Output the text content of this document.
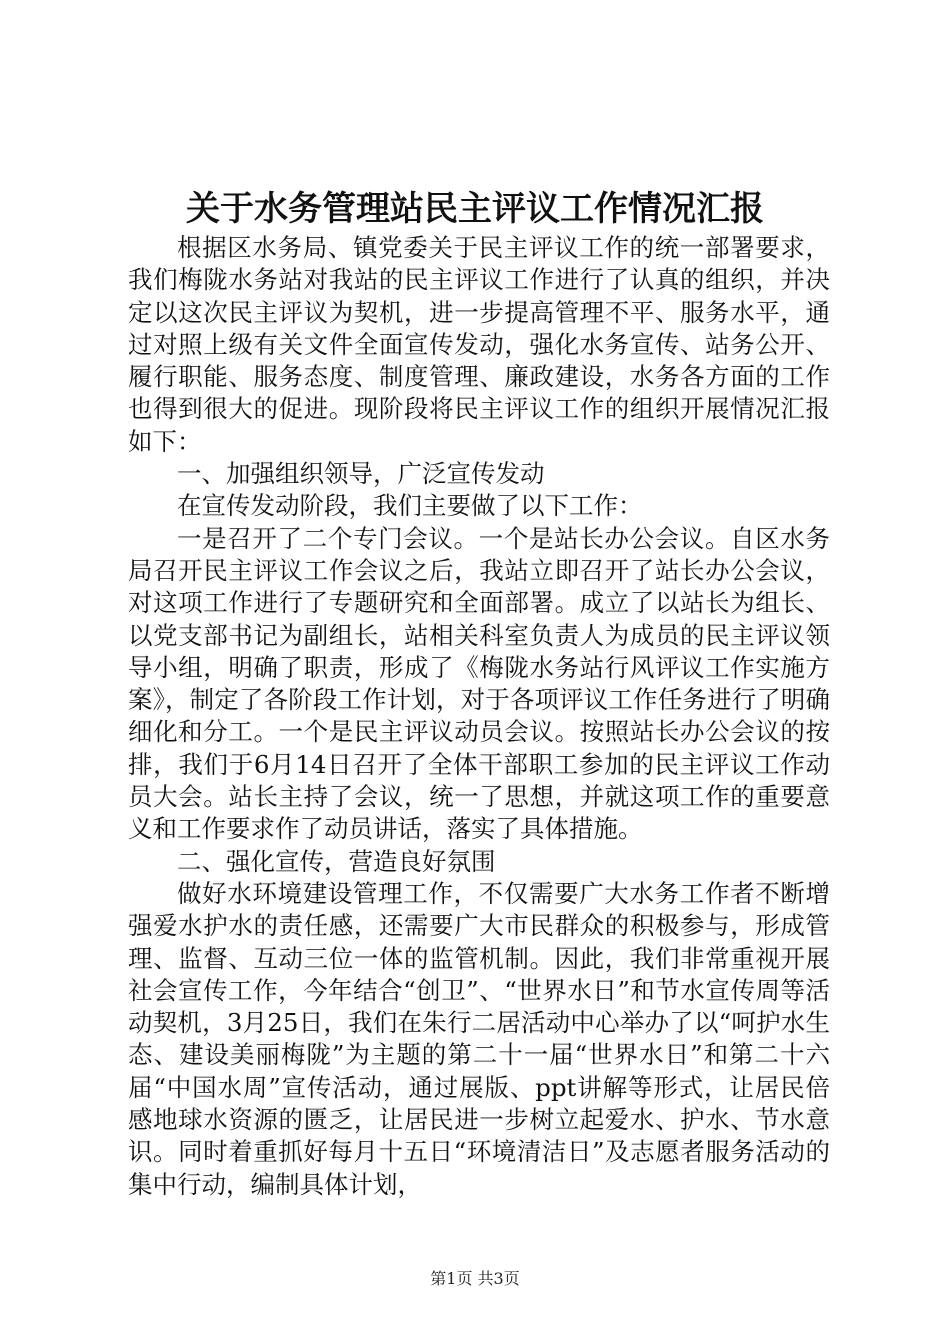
关于水务管理站民主评议工作情况汇报

根据区水务局、镇党委关于民主评议工作的统一部署要求，我们梅陇水务站对我站的民主评议工作进行了认真的组织，并决定以这次民主评议为契机，进一步提高管理不平、服务水平，通过对照上级有关文件全面宣传发动，强化水务宣传、站务公开、履行职能、服务态度、制度管理、廉政建设，水务各方面的工作也得到很大的促进。现阶段将民主评议工作的组织开展情况汇报如下：

一、加强组织领导，广泛宣传发动

在宣传发动阶段，我们主要做了以下工作：

一是召开了二个专门会议。一个是站长办公会议。自区水务局召开民主评议工作会议之后，我站立即召开了站长办公会议，对这项工作进行了专题研究和全面部署。成立了以站长为组长、以党支部书记为副组长，站相关科室负责人为成员的民主评议领导小组，明确了职责，形成了《梅陇水务站行风评议工作实施方案》，制定了各阶段工作计划，对于各项评议工作任务进行了明确细化和分工。一个是民主评议动员会议。按照站长办公会议的按排，我们于6月14日召开了全体干部职工参加的民主评议工作动员大会。站长主持了会议，统一了思想，并就这项工作的重要意义和工作要求作了动员讲话，落实了具体措施。

二、强化宣传，营造良好氛围

做好水环境建设管理工作，不仅需要广大水务工作者不断增强爱水护水的责任感，还需要广大市民群众的积极参与，形成管理、监督、互动三位一体的监管机制。因此，我们非常重视开展社会宣传工作，今年结合“创卫”、“世界水日”和节水宣传周等活动契机，3月25日，我们在朱行二居活动中心举办了以“呵护水生态、建设美丽梅陇”为主题的第二十一届“世界水日”和第二十六届“中国水周”宣传活动，通过展版、ppt讲解等形式，让居民倍感地球水资源的匮乏，让居民进一步树立起爱水、护水、节水意识。同时着重抓好每月十五日“环境清洁日”及志愿者服务活动的集中行动，编制具体计划，

第1页 共3页
